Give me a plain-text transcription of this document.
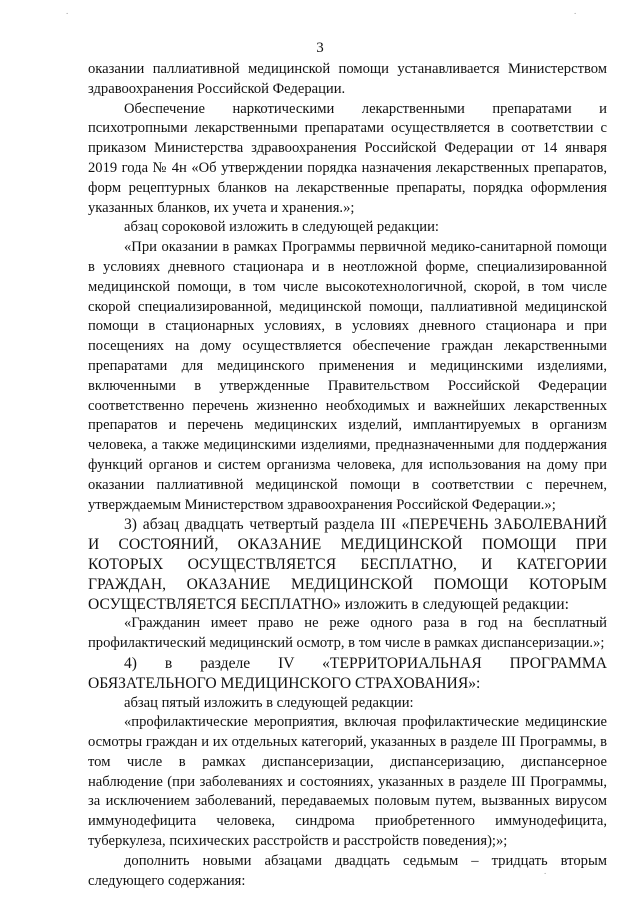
.	.
3

оказании паллиативной медицинской помощи устанавливается Министерством здравоохранения Российской Федерации.

Обеспечение наркотическими лекарственными препаратами и психотропными лекарственными препаратами осуществляется в соответствии с приказом Министерства здравоохранения Российской Федерации от 14 января 2019 года № 4н «Об утверждении порядка назначения лекарственных препаратов, форм рецептурных бланков на лекарственные препараты, порядка оформления указанных бланков, их учета и хранения.»;

абзац сороковой изложить в следующей редакции:

«При оказании в рамках Программы первичной медико-санитарной помощи в условиях дневного стационара и в неотложной форме, специализированной медицинской помощи, в том числе высокотехнологичной, скорой, в том числе скорой специализированной, медицинской помощи, паллиативной медицинской помощи в стационарных условиях, в условиях дневного стационара и при посещениях на дому осуществляется обеспечение граждан лекарственными препаратами для медицинского применения и медицинскими изделиями, включенными в утвержденные Правительством Российской Федерации соответственно перечень жизненно необходимых и важнейших лекарственных препаратов и перечень медицинских изделий, имплантируемых в организм человека, а также медицинскими изделиями, предназначенными для поддержания функций органов и систем организма человека, для использования на дому при оказании паллиативной медицинской помощи в соответствии с перечнем, утверждаемым Министерством здравоохранения Российской Федерации.»;

3) абзац двадцать четвертый раздела III «ПЕРЕЧЕНЬ ЗАБОЛЕВАНИЙ И СОСТОЯНИЙ, ОКАЗАНИЕ МЕДИЦИНСКОЙ ПОМОЩИ ПРИ КОТОРЫХ ОСУЩЕСТВЛЯЕТСЯ БЕСПЛАТНО, И КАТЕГОРИИ ГРАЖДАН, ОКАЗАНИЕ МЕДИЦИНСКОЙ ПОМОЩИ КОТОРЫМ ОСУЩЕСТВЛЯЕТСЯ БЕСПЛАТНО» изложить в следующей редакции:

«Гражданин имеет право не реже одного раза в год на бесплатный профилактический медицинский осмотр, в том числе в рамках диспансеризации.»;

4) в разделе IV «ТЕРРИТОРИАЛЬНАЯ ПРОГРАММА ОБЯЗАТЕЛЬНОГО МЕДИЦИНСКОГО СТРАХОВАНИЯ»:

абзац пятый изложить в следующей редакции:

«профилактические мероприятия, включая профилактические медицинские осмотры граждан и их отдельных категорий, указанных в разделе III Программы, в том числе в рамках диспансеризации, диспансеризацию, диспансерное наблюдение (при заболеваниях и состояниях, указанных в разделе III Программы, за исключением заболеваний, передаваемых половым путем, вызванных вирусом иммунодефицита человека, синдрома приобретенного иммунодефицита, туберкулеза, психических расстройств и расстройств поведения);»;

дополнить новыми абзацами двадцать седьмым – тридцать вторым следующего содержания:

.
